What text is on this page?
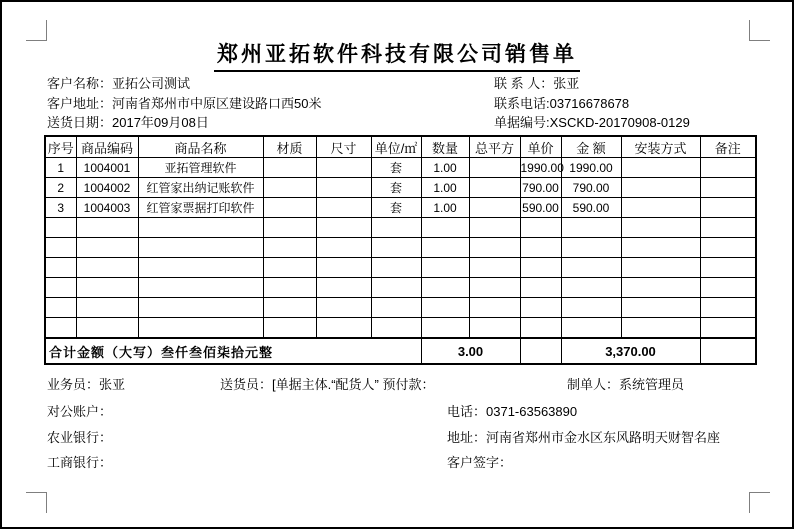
郑州亚拓软件科技有限公司销售单
客户名称：亚拓公司测试
客户地址：河南省郑州市中原区建设路口西50米
送货日期：2017年09月08日
联 系 人：张亚
联系电话:03716678678
单据编号:XSCKD-20170908-0129
序号	商品编码	商品名称	材质	尺寸	单位/㎡	数量	总平方	单价	金 额	安装方式	备注
1	1004001	亚拓管理软件			套	1.00		1990.00	1990.00		
2	1004002	红管家出纳记账软件			套	1.00		790.00	790.00		
3	1004003	红管家票据打印软件			套	1.00		590.00	590.00		

合计金额（大写）叁仟叁佰柒拾元整						3.00			3,370.00		
业务员：张亚	送货员：[单据主体.“配货人” 预付款：	制单人：系统管理员
对公账户：	电话：0371-63563890
农业银行：	地址：河南省郑州市金水区东风路明天财智名座
工商银行：	客户签字：
